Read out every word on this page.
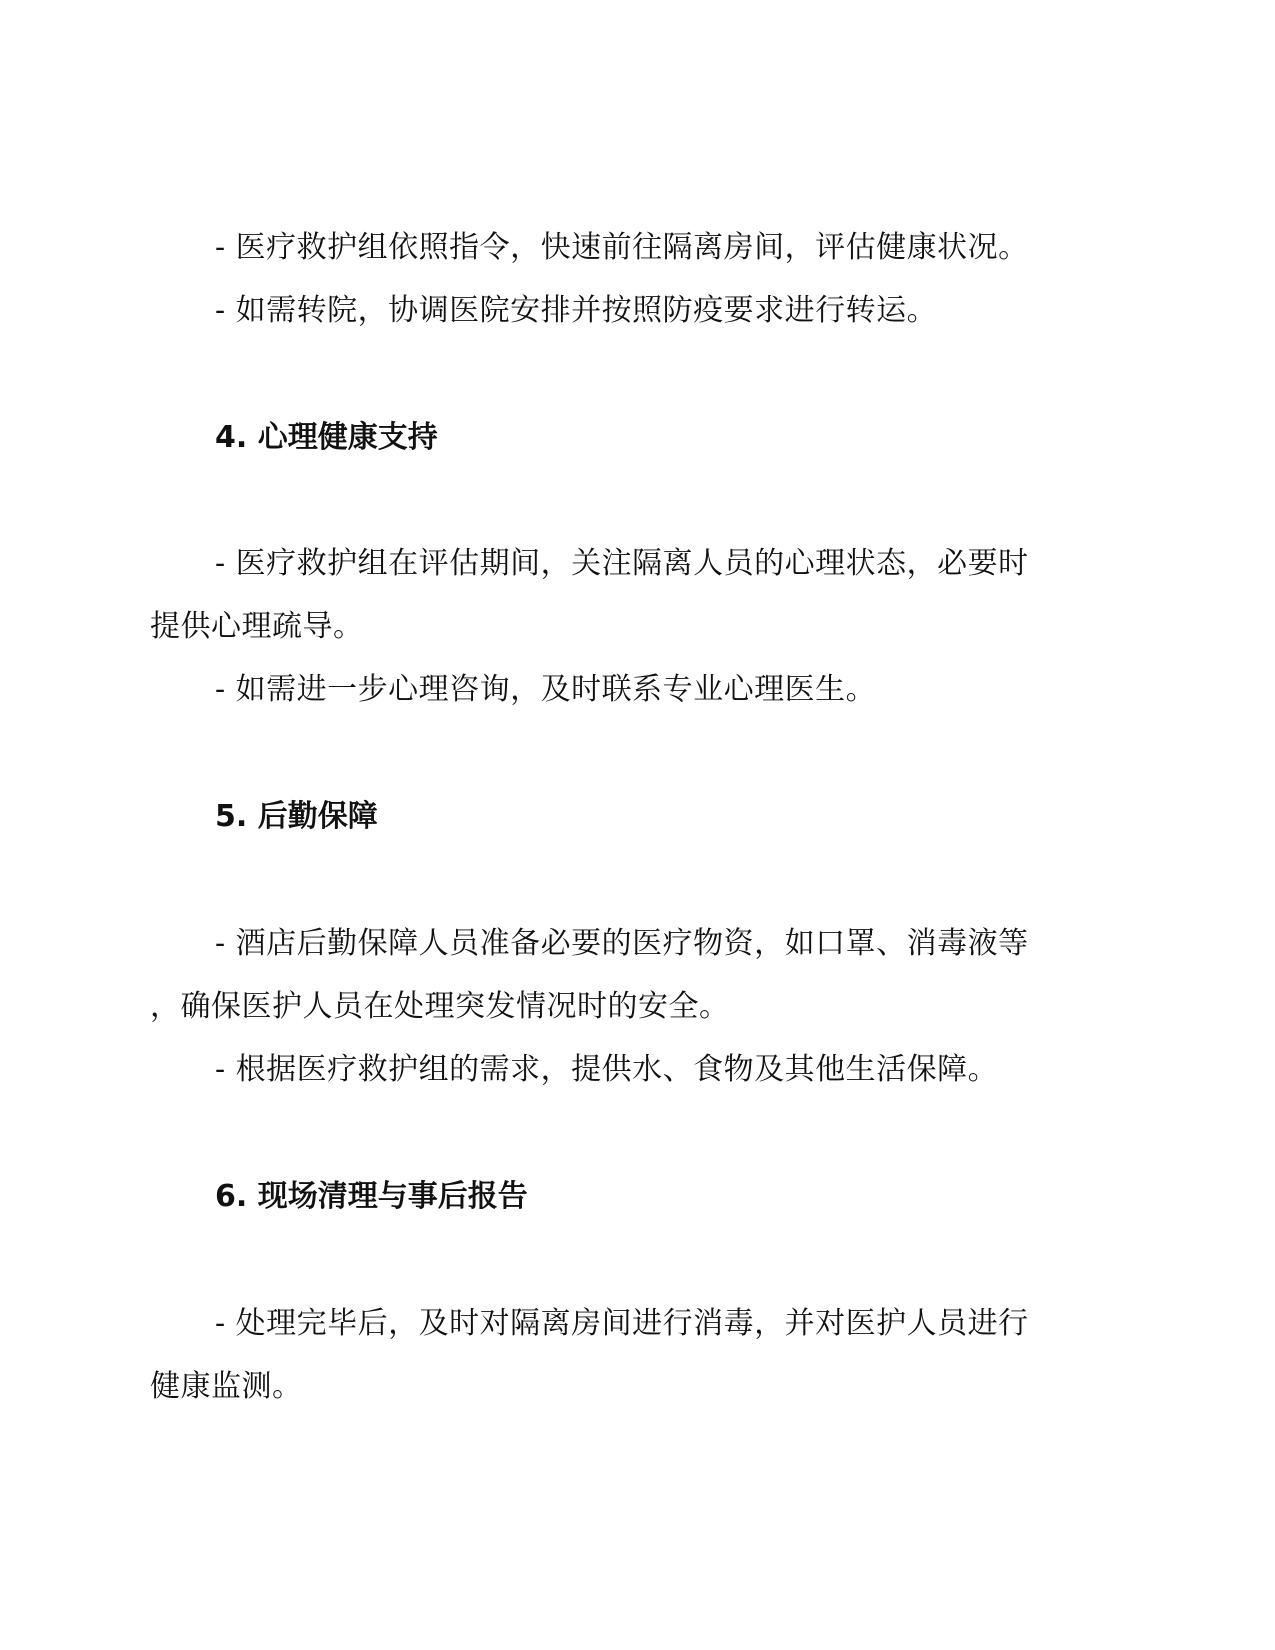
- 医疗救护组依照指令，快速前往隔离房间，评估健康状况。
- 如需转院，协调医院安排并按照防疫要求进行转运。
4. 心理健康支持
- 医疗救护组在评估期间，关注隔离人员的心理状态，必要时
提供心理疏导。
- 如需进一步心理咨询，及时联系专业心理医生。
5. 后勤保障
- 酒店后勤保障人员准备必要的医疗物资，如口罩、消毒液等
，确保医护人员在处理突发情况时的安全。
- 根据医疗救护组的需求，提供水、食物及其他生活保障。
6. 现场清理与事后报告
- 处理完毕后，及时对隔离房间进行消毒，并对医护人员进行
健康监测。
